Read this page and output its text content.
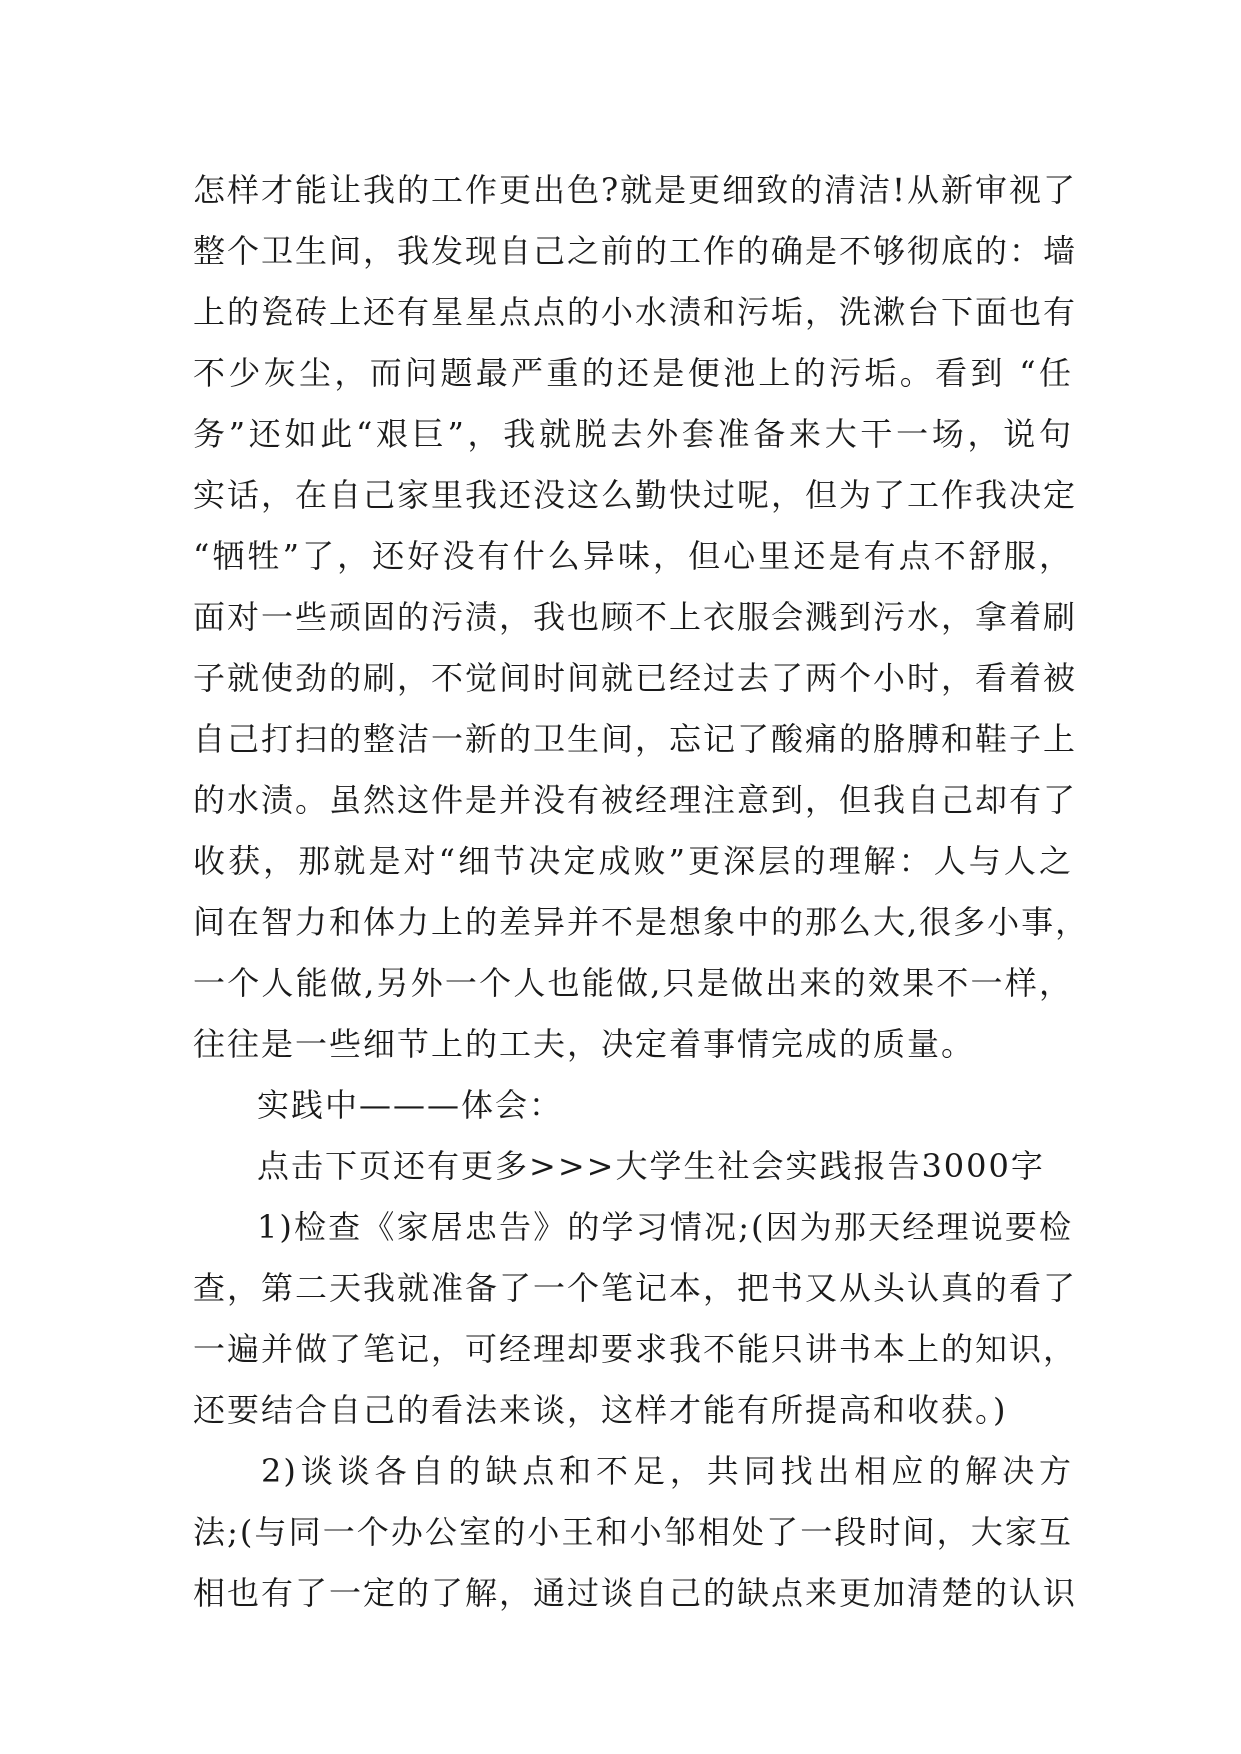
怎样才能让我的工作更出色?就是更细致的清洁!从新审视了
整个卫生间，我发现自己之前的工作的确是不够彻底的：墙
上的瓷砖上还有星星点点的小水渍和污垢，洗漱台下面也有
不少灰尘，而问题最严重的还是便池上的污垢。看到 “任
务”还如此“艰巨”，我就脱去外套准备来大干一场，说句
实话，在自己家里我还没这么勤快过呢，但为了工作我决定
“牺牲”了，还好没有什么异味，但心里还是有点不舒服，
面对一些顽固的污渍，我也顾不上衣服会溅到污水，拿着刷
子就使劲的刷，不觉间时间就已经过去了两个小时，看着被
自己打扫的整洁一新的卫生间，忘记了酸痛的胳膊和鞋子上
的水渍。虽然这件是并没有被经理注意到，但我自己却有了
收获，那就是对“细节决定成败”更深层的理解：人与人之
间在智力和体力上的差异并不是想象中的那么大,很多小事，
一个人能做,另外一个人也能做,只是做出来的效果不一样，
往往是一些细节上的工夫，决定着事情完成的质量。
实践中———体会：
点击下页还有更多>>>大学生社会实践报告3000字
1)检查《家居忠告》的学习情况;(因为那天经理说要检
查，第二天我就准备了一个笔记本，把书又从头认真的看了
一遍并做了笔记，可经理却要求我不能只讲书本上的知识，
还要结合自己的看法来谈，这样才能有所提高和收获。)
2)谈谈各自的缺点和不足，共同找出相应的解决方
法;(与同一个办公室的小王和小邹相处了一段时间，大家互
相也有了一定的了解，通过谈自己的缺点来更加清楚的认识
